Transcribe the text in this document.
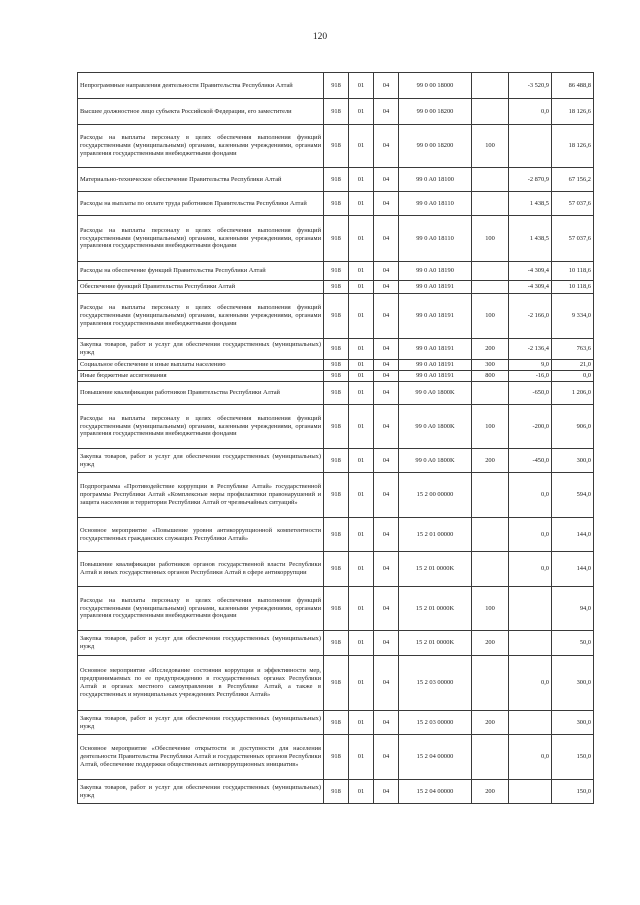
120
Непрограммные направления деятельности Правительства Республики Алтай	918	01	04	99 0 00 18000		-3 520,9	86 488,8
Высшее должностное лицо субъекта Российской Федерации, его заместители	918	01	04	99 0 00 18200		0,0	18 126,6
Расходы на выплаты персоналу в целях обеспечения выполнения функций государственными (муниципальными) органами, казенными учреждениями, органами управления государственными внебюджетными фондами	918	01	04	99 0 00 18200	100		18 126,6
Материально-техническое обеспечение Правительства Республики Алтай	918	01	04	99 0 A0 18100		-2 870,9	67 156,2
Расходы на выплаты по оплате труда работников Правительства Республики Алтай	918	01	04	99 0 A0 18110		1 438,5	57 037,6
Расходы на выплаты персоналу в целях обеспечения выполнения функций государственными (муниципальными) органами, казенными учреждениями, органами управления государственными внебюджетными фондами	918	01	04	99 0 A0 18110	100	1 438,5	57 037,6
Расходы на обеспечение функций Правительства Республики Алтай	918	01	04	99 0 A0 18190		-4 309,4	10 118,6
Обеспечение функций Правительства Республики Алтай	918	01	04	99 0 A0 18191		-4 309,4	10 118,6
Расходы на выплаты персоналу в целях обеспечения выполнения функций государственными (муниципальными) органами, казенными учреждениями, органами управления государственными внебюджетными фондами	918	01	04	99 0 A0 18191	100	-2 166,0	9 334,0
Закупка товаров, работ и услуг для обеспечения государственных (муниципальных) нужд	918	01	04	99 0 A0 18191	200	-2 136,4	763,6
Социальное обеспечение и иные выплаты населению	918	01	04	99 0 A0 18191	300	9,0	21,0
Иные бюджетные ассигнования	918	01	04	99 0 A0 18191	800	-16,0	0,0
Повышение квалификации работников Правительства Республики Алтай	918	01	04	99 0 A0 1800K		-650,0	1 206,0
Расходы на выплаты персоналу в целях обеспечения выполнения функций государственными (муниципальными) органами, казенными учреждениями, органами управления государственными внебюджетными фондами	918	01	04	99 0 A0 1800K	100	-200,0	906,0
Закупка товаров, работ и услуг для обеспечения государственных (муниципальных) нужд	918	01	04	99 0 A0 1800K	200	-450,0	300,0
Подпрограмма «Противодействие коррупции в Республике Алтай» государственной программы Республики Алтай «Комплексные меры профилактики правонарушений и защита населения и территории Республики Алтай от чрезвычайных ситуаций»	918	01	04	15 2 00 00000		0,0	594,0
Основное мероприятие «Повышение уровня антикоррупционной компетентности государственных гражданских служащих Республики Алтай»	918	01	04	15 2 01 00000		0,0	144,0
Повышение квалификации работников органов государственной власти Республики Алтай и иных государственных органов Республики Алтай в сфере антикоррупции	918	01	04	15 2 01 0000K		0,0	144,0
Расходы на выплаты персоналу в целях обеспечения выполнения функций государственными (муниципальными) органами, казенными учреждениями, органами управления государственными внебюджетными фондами	918	01	04	15 2 01 0000K	100		94,0
Закупка товаров, работ и услуг для обеспечения государственных (муниципальных) нужд	918	01	04	15 2 01 0000K	200		50,0
Основное мероприятие «Исследование состояния коррупции и эффективности мер, предпринимаемых по ее предупреждению в государственных органах Республики Алтай и органах местного самоуправления в Республике Алтай, а также в государственных и муниципальных учреждениях Республики Алтай»	918	01	04	15 2 03 00000		0,0	300,0
Закупка товаров, работ и услуг для обеспечения государственных (муниципальных) нужд	918	01	04	15 2 03 00000	200		300,0
Основное мероприятие «Обеспечение открытости и доступности для населения деятельности Правительства Республики Алтай и государственных органов Республики Алтай, обеспечение поддержки общественных антикоррупционных инициатив»	918	01	04	15 2 04 00000		0,0	150,0
Закупка товаров, работ и услуг для обеспечения государственных (муниципальных) нужд	918	01	04	15 2 04 00000	200		150,0
